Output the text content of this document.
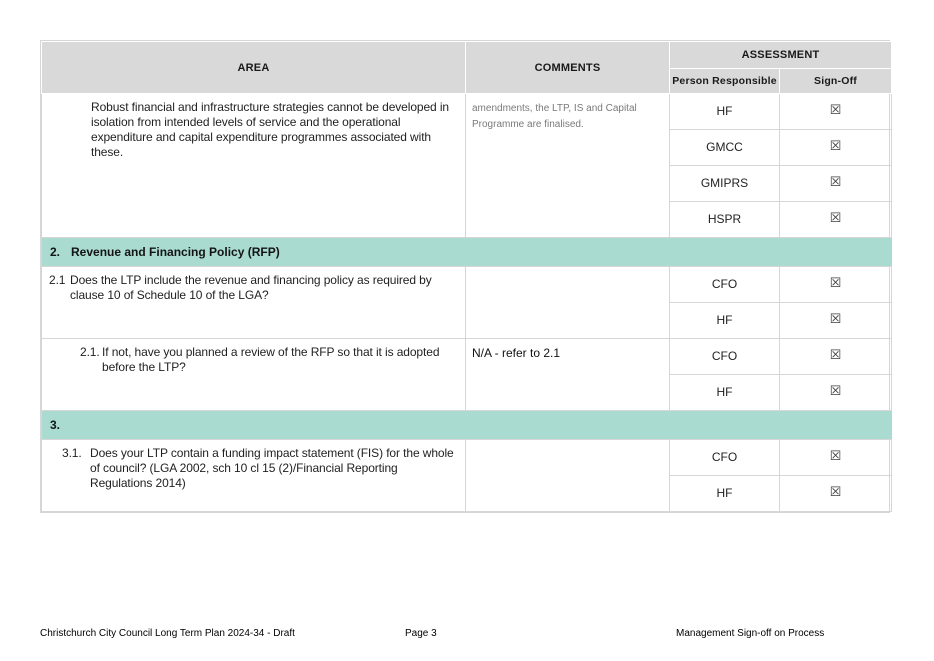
AREA	COMMENTS	ASSESSMENT	
		Person Responsible	Sign-Off

Robust financial and infrastructure strategies cannot be developed in isolation from intended levels of service and the operational expenditure and capital expenditure programmes associated with these.	amendments, the LTP, IS and Capital Programme are finalised.	HF	☒
		GMCC	☒
		GMIPRS	☒
		HSPR	☒

2. Revenue and Financing Policy (RFP)			

2.1 Does the LTP include the revenue and financing policy as required by clause 10 of Schedule 10 of the LGA?		CFO	☒
		HF	☒

2.1. If not, have you planned a review of the RFP so that it is adopted before the LTP?	N/A - refer to 2.1	CFO	☒
		HF	☒

3.			

3.1. Does your LTP contain a funding impact statement (FIS) for the whole of council? (LGA 2002, sch 10 cl 15 (2)/Financial Reporting Regulations 2014)		CFO	☒
		HF	☒
Christchurch City Council Long Term Plan 2024-34 - Draft	Page 3	Management Sign-off on Process
